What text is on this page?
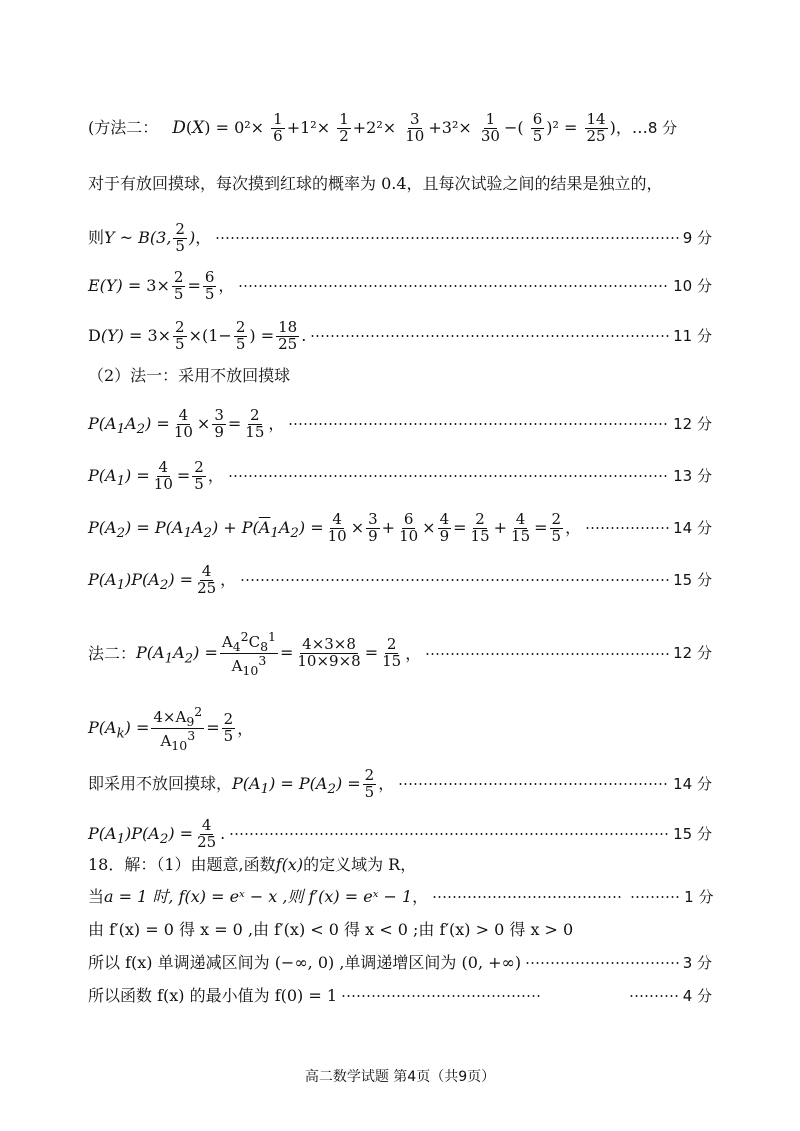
(方法二： $D(X) = 0^2\times \frac{1}{6} +1^2\times \frac{1}{2} +2^2\times \frac{3}{10} +3^2\times \frac{1}{30}$ −( $\frac{6}{5} )^2 = \frac{14}{25}$ )， … 8 分
对于有放回摸球，每次摸到红球的概率为 0.4，且每次试验之间的结果是独立的，
则 Y ~ B(3, $\frac{2}{5}$ ) ，	9 分
$E(Y) = 3\times \frac{2}{5} = \frac{6}{5}$ ，	10 分
$D(Y) = 3\times \frac{2}{5} \times(1- \frac{2}{5}$ ) = $\frac{18}{25}$ .	11 分
（2）法一：采用不放回摸球
$P(A_1A_2) = \frac{4}{10} \times \frac{3}{9} = \frac{2}{15}$ ，	12 分
$P(A_1) = \frac{4}{10} = \frac{2}{5}$ ，	13 分
$P(A_2) = P(A_1A_2) + P(\overline{A}_1A_2) = \frac{4}{10} \times \frac{3}{9} + \frac{6}{10} \times \frac{4}{9} = \frac{2}{15} + \frac{4}{15} = \frac{2}{5}$ ，	14 分
$P(A_1)P(A_2) = \frac{4}{25}$ ，	15 分
法二： $P(A_1A_2) = \frac{A_4^2C_8^1}{A_{10}^3} = \frac{4\times 3\times 8}{10\times 9\times 8} = \frac{2}{15}$ ，	12 分
$P(A_k) = \frac{4\times A_9^2}{A_{10}^3} = \frac{2}{5}$ ，
即采用不放回摸球， $P(A_1) = P(A_2) = \frac{2}{5}$ ，	14 分
$P(A_1)P(A_2) = \frac{4}{25}$ .	15 分
18．解：（1）由题意,函数 f(x) 的定义域为 R，
当 a = 1 时, f(x) = eˣ − x ,则 f′(x) = eˣ − 1 ，	1 分
由 f′(x) = 0 得 x = 0 ,由 f′(x) < 0 得 x < 0 ;由 f′(x) > 0 得 x > 0
所以 f(x) 单调递减区间为 (−∞, 0) ,单调递增区间为 (0, +∞)	3 分
所以函数 f(x) 的最小值为 f(0) = 1	4 分
高二数学试题 第4页（共9页）
